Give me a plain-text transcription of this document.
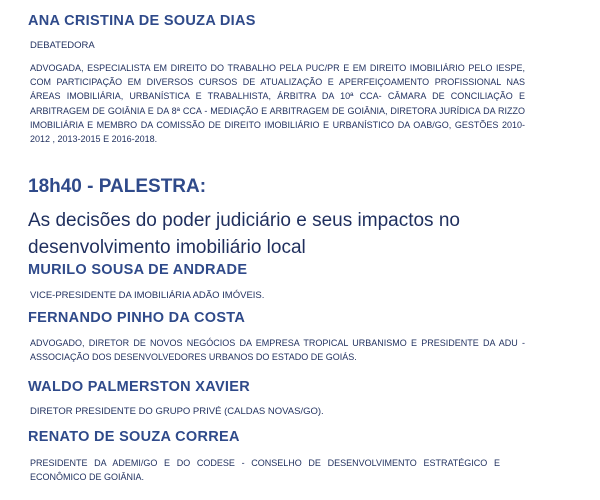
ANA CRISTINA DE SOUZA DIAS
DEBATEDORA
ADVOGADA, ESPECIALISTA EM DIREITO DO TRABALHO PELA PUC/PR E EM DIREITO IMOBILIÁRIO PELO IESPE, COM PARTICIPAÇÃO EM DIVERSOS CURSOS DE ATUALIZAÇÃO E APERFEIÇOAMENTO PROFISSIONAL NAS ÁREAS IMOBILIÁRIA, URBANÍSTICA E TRABALHISTA, ÁRBITRA DA 10ª CCA- CÂMARA DE CONCILIAÇÃO E ARBITRAGEM DE GOIÂNIA E DA 8ª CCA - MEDIAÇÃO E ARBITRAGEM DE GOIÂNIA, DIRETORA JURÍDICA DA RIZZO IMOBILIÁRIA E MEMBRO DA COMISSÃO DE DIREITO IMOBILIÁRIO E URBANÍSTICO DA OAB/GO, GESTÕES 2010-2012 , 2013-2015 E 2016-2018.
18h40 - PALESTRA:
As decisões do poder judiciário e seus impactos no desenvolvimento imobiliário local
MURILO SOUSA DE ANDRADE
VICE-PRESIDENTE DA IMOBILIÁRIA ADÃO IMÓVEIS.
FERNANDO PINHO DA COSTA
ADVOGADO, DIRETOR DE NOVOS NEGÓCIOS DA EMPRESA TROPICAL URBANISMO E PRESIDENTE DA ADU - ASSOCIAÇÃO DOS DESENVOLVEDORES URBANOS DO ESTADO DE GOIÁS.
WALDO PALMERSTON XAVIER
DIRETOR PRESIDENTE DO GRUPO PRIVÉ (CALDAS NOVAS/GO).
RENATO DE SOUZA CORREA
PRESIDENTE DA ADEMI/GO E DO CODESE - CONSELHO DE DESENVOLVIMENTO ESTRATÉGICO E ECONÔMICO DE GOIÂNIA.
